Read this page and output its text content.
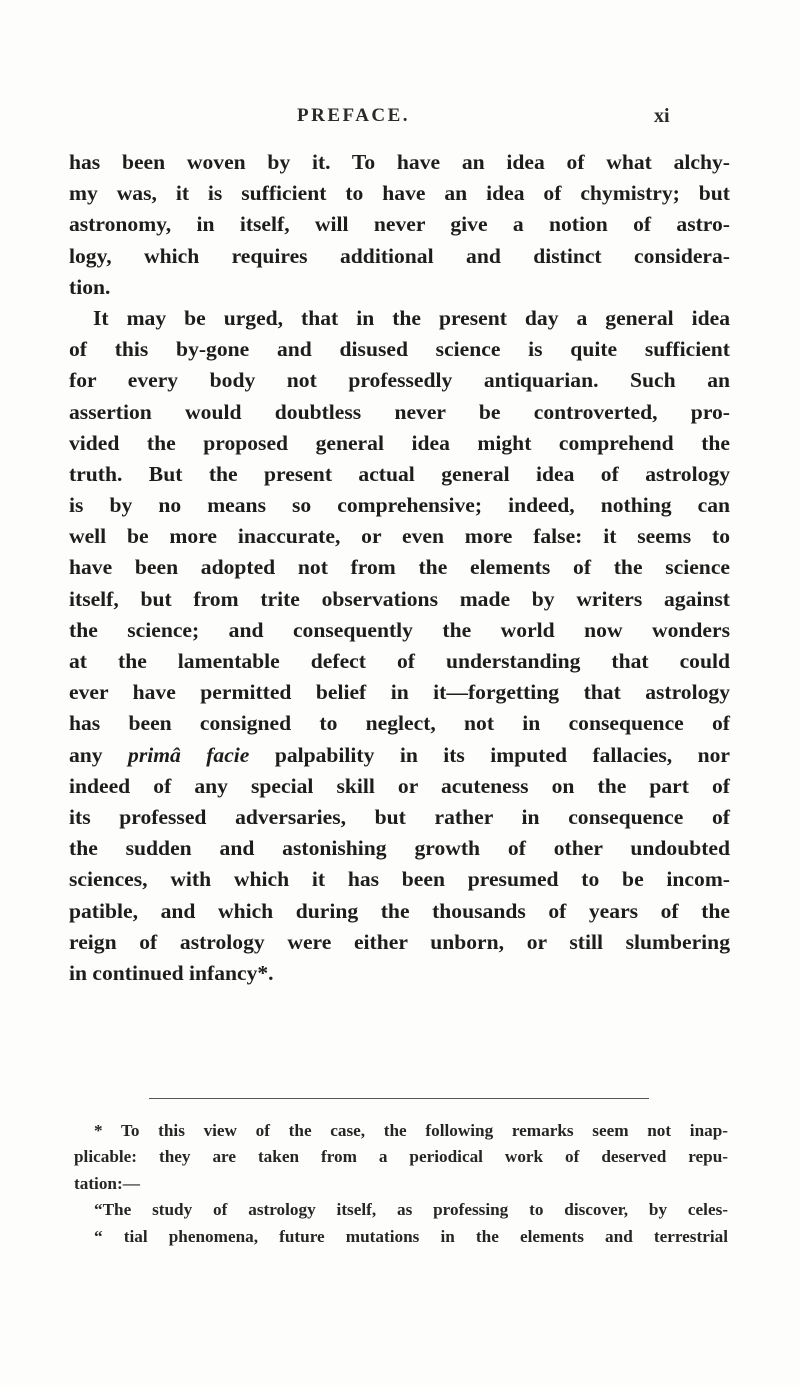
PREFACE.	xi
has been woven by it. To have an idea of what alchy-
my was, it is sufficient to have an idea of chymistry; but
astronomy, in itself, will never give a notion of astro-
logy, which requires additional and distinct considera-
tion.
It may be urged, that in the present day a general idea
of this by-gone and disused science is quite sufficient
for every body not professedly antiquarian. Such an
assertion would doubtless never be controverted, pro-
vided the proposed general idea might comprehend the
truth. But the present actual general idea of astrology
is by no means so comprehensive; indeed, nothing can
well be more inaccurate, or even more false: it seems to
have been adopted not from the elements of the science
itself, but from trite observations made by writers against
the science; and consequently the world now wonders
at the lamentable defect of understanding that could
ever have permitted belief in it—forgetting that astrology
has been consigned to neglect, not in consequence of
any primâ facie palpability in its imputed fallacies, nor
indeed of any special skill or acuteness on the part of
its professed adversaries, but rather in consequence of
the sudden and astonishing growth of other undoubted
sciences, with which it has been presumed to be incom-
patible, and which during the thousands of years of the
reign of astrology were either unborn, or still slumbering
in continued infancy*.
* To this view of the case, the following remarks seem not inap-
plicable: they are taken from a periodical work of deserved repu-
tation:—
“The study of astrology itself, as professing to discover, by celes-
“ tial phenomena, future mutations in the elements and terrestrial
